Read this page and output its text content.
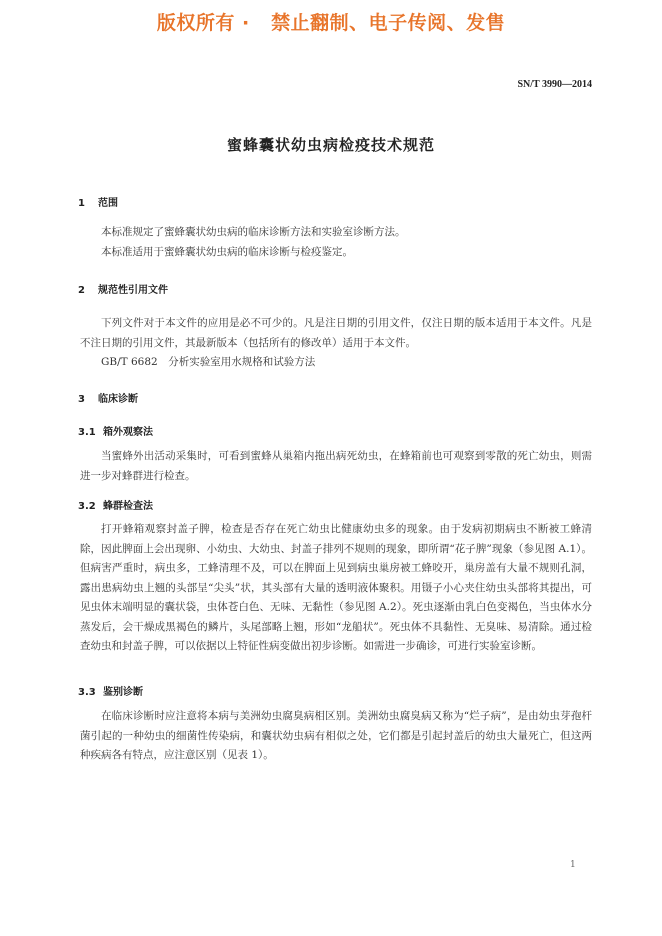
版权所有 ·   禁止翻制、电子传阅、发售
SN/T 3990—2014
蜜蜂囊状幼虫病检疫技术规范
1 范围

本标准规定了蜜蜂囊状幼虫病的临床诊断方法和实验室诊断方法。

本标准适用于蜜蜂囊状幼虫病的临床诊断与检疫鉴定。

2 规范性引用文件

下列文件对于本文件的应用是必不可少的。凡是注日期的引用文件，仅注日期的版本适用于本文件。凡是不注日期的引用文件，其最新版本（包括所有的修改单）适用于本文件。

GB/T 6682　分析实验室用水规格和试验方法

3 临床诊断
3.1 箱外观察法

当蜜蜂外出活动采集时，可看到蜜蜂从巢箱内拖出病死幼虫，在蜂箱前也可观察到零散的死亡幼虫，则需进一步对蜂群进行检查。

3.2 蜂群检查法

打开蜂箱观察封盖子脾，检查是否存在死亡幼虫比健康幼虫多的现象。由于发病初期病虫不断被工蜂清除，因此脾面上会出现卵、小幼虫、大幼虫、封盖子排列不规则的现象，即所谓“花子脾”现象（参见图 A.1）。但病害严重时，病虫多，工蜂清理不及，可以在脾面上见到病虫巢房被工蜂咬开，巢房盖有大量不规则孔洞，露出患病幼虫上翘的头部呈“尖头”状，其头部有大量的透明液体聚积。用镊子小心夹住幼虫头部将其提出，可见虫体末端明显的囊状袋，虫体苍白色、无味、无黏性（参见图 A.2）。死虫逐渐由乳白色变褐色，当虫体水分蒸发后，会干燥成黑褐色的鳞片，头尾部略上翘，形如“龙船状”。死虫体不具黏性、无臭味、易清除。通过检查幼虫和封盖子脾，可以依据以上特征性病变做出初步诊断。如需进一步确诊，可进行实验室诊断。

3.3 鉴别诊断

在临床诊断时应注意将本病与美洲幼虫腐臭病相区别。美洲幼虫腐臭病又称为“烂子病”，是由幼虫芽孢杆菌引起的一种幼虫的细菌性传染病，和囊状幼虫病有相似之处，它们都是引起封盖后的幼虫大量死亡，但这两种疾病各有特点，应注意区别（见表 1）。

1
